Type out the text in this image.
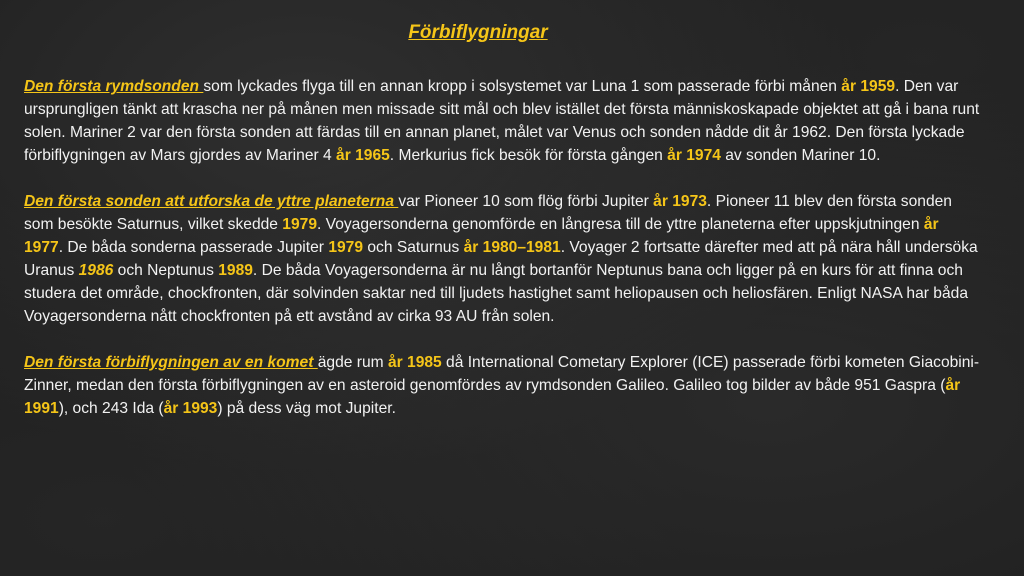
Förbiflygningar

Den första rymdsonden som lyckades flyga till en annan kropp i solsystemet var Luna 1 som passerade förbi månen år 1959. Den var ursprungligen tänkt att krascha ner på månen men missade sitt mål och blev istället det första människoskapade objektet att gå i bana runt solen. Mariner 2 var den första sonden att färdas till en annan planet, målet var Venus och sonden nådde dit år 1962. Den första lyckade förbiflygningen av Mars gjordes av Mariner 4 år 1965. Merkurius fick besök för första gången år 1974 av sonden Mariner 10.

Den första sonden att utforska de yttre planeterna var Pioneer 10 som flög förbi Jupiter år 1973. Pioneer 11 blev den första sonden som besökte Saturnus, vilket skedde 1979. Voyagersonderna genomförde en långresa till de yttre planeterna efter uppskjutningen år 1977. De båda sonderna passerade Jupiter 1979 och Saturnus år 1980–1981. Voyager 2 fortsatte därefter med att på nära håll undersöka Uranus 1986 och Neptunus 1989. De båda Voyagersonderna är nu långt bortanför Neptunus bana och ligger på en kurs för att finna och studera det område, chockfronten, där solvinden saktar ned till ljudets hastighet samt heliopausen och heliosfären. Enligt NASA har båda Voyagersonderna nått chockfronten på ett avstånd av cirka 93 AU från solen.

Den första förbiflygningen av en komet ägde rum år 1985 då International Cometary Explorer (ICE) passerade förbi kometen Giacobini-Zinner, medan den första förbiflygningen av en asteroid genomfördes av rymdsonden Galileo. Galileo tog bilder av både 951 Gaspra (år 1991), och 243 Ida (år 1993) på dess väg mot Jupiter.
